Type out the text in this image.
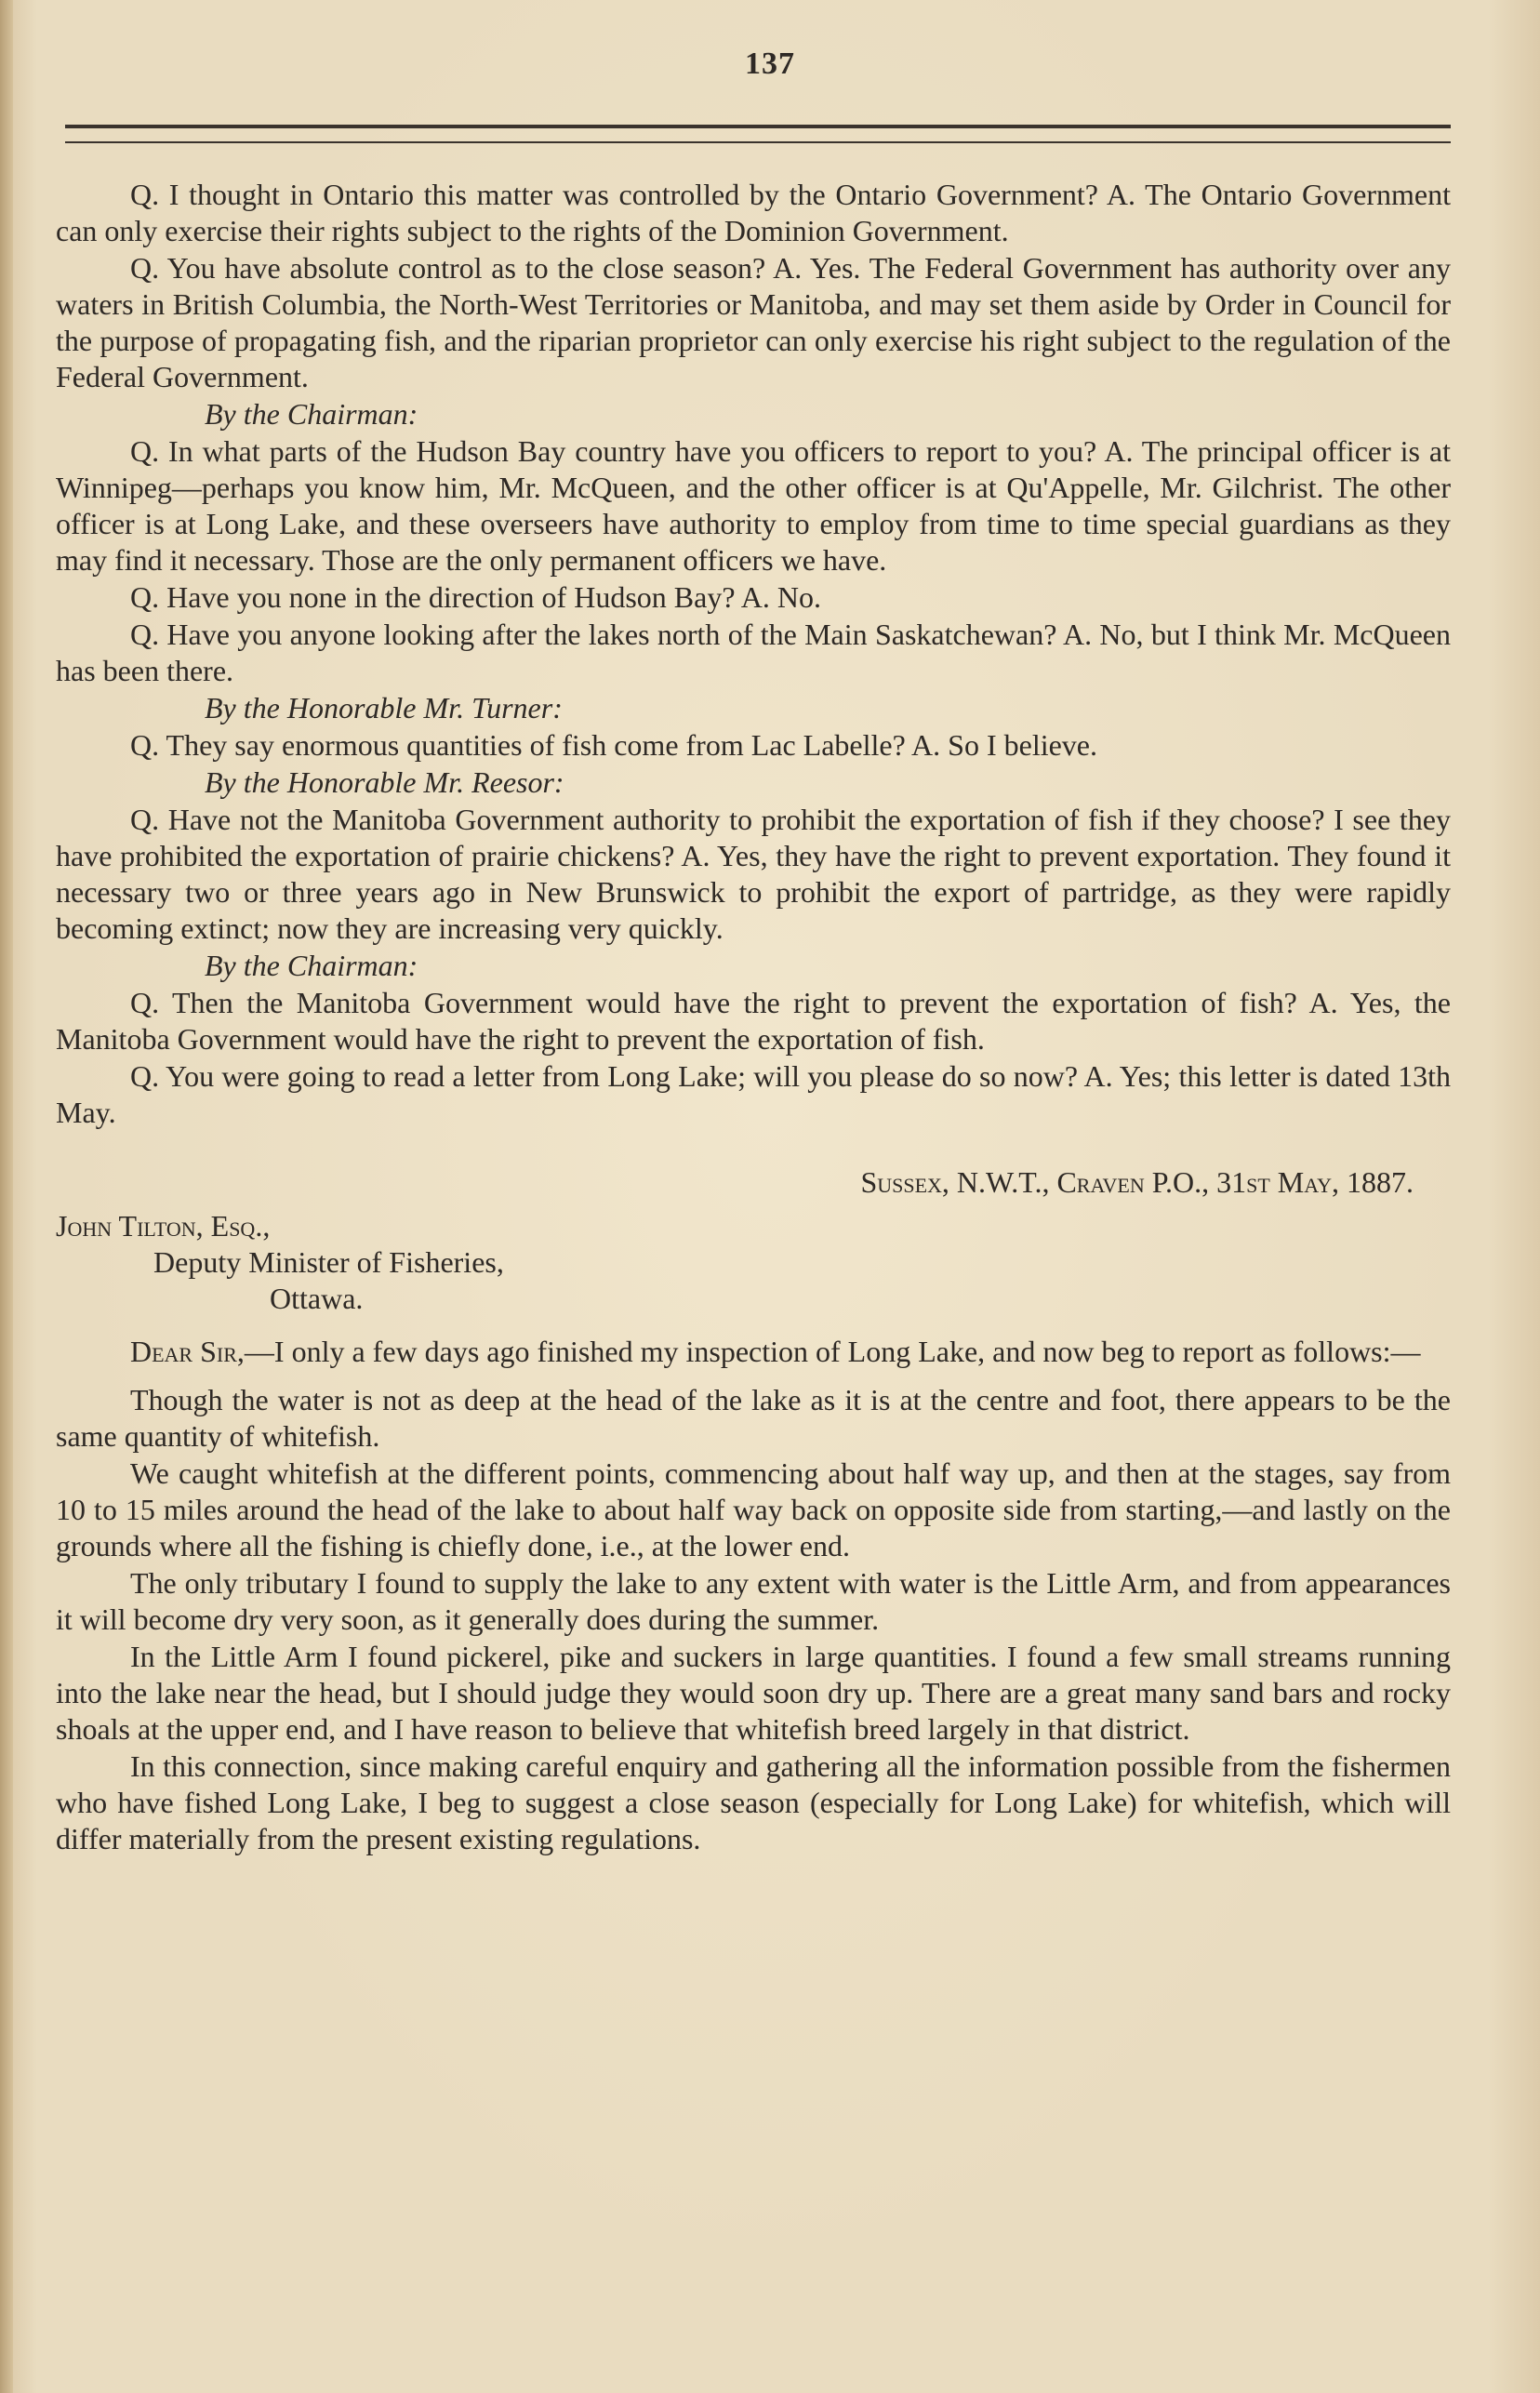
137

Q. I thought in Ontario this matter was controlled by the Ontario Government? A. The Ontario Government can only exercise their rights subject to the rights of the Dominion Government.

Q. You have absolute control as to the close season? A. Yes. The Federal Government has authority over any waters in British Columbia, the North-West Territories or Manitoba, and may set them aside by Order in Council for the purpose of propagating fish, and the riparian proprietor can only exercise his right subject to the regulation of the Federal Government.

By the Chairman:

Q. In what parts of the Hudson Bay country have you officers to report to you? A. The principal officer is at Winnipeg—perhaps you know him, Mr. McQueen, and the other officer is at Qu'Appelle, Mr. Gilchrist. The other officer is at Long Lake, and these overseers have authority to employ from time to time special guardians as they may find it necessary. Those are the only permanent officers we have.

Q. Have you none in the direction of Hudson Bay? A. No.

Q. Have you anyone looking after the lakes north of the Main Saskatchewan? A. No, but I think Mr. McQueen has been there.

By the Honorable Mr. Turner:

Q. They say enormous quantities of fish come from Lac Labelle? A. So I believe.

By the Honorable Mr. Reesor:

Q. Have not the Manitoba Government authority to prohibit the exportation of fish if they choose? I see they have prohibited the exportation of prairie chickens? A. Yes, they have the right to prevent exportation. They found it necessary two or three years ago in New Brunswick to prohibit the export of partridge, as they were rapidly becoming extinct; now they are increasing very quickly.

By the Chairman:

Q. Then the Manitoba Government would have the right to prevent the exportation of fish? A. Yes, the Manitoba Government would have the right to prevent the exportation of fish.

Q. You were going to read a letter from Long Lake; will you please do so now? A. Yes; this letter is dated 13th May.

Sussex, N.W.T., Craven P.O., 31st May, 1887.
John Tilton, Esq.,
Deputy Minister of Fisheries,
Ottawa.

Dear Sir,—I only a few days ago finished my inspection of Long Lake, and now beg to report as follows:—

Though the water is not as deep at the head of the lake as it is at the centre and foot, there appears to be the same quantity of whitefish.

We caught whitefish at the different points, commencing about half way up, and then at the stages, say from 10 to 15 miles around the head of the lake to about half way back on opposite side from starting,—and lastly on the grounds where all the fishing is chiefly done, i.e., at the lower end.

The only tributary I found to supply the lake to any extent with water is the Little Arm, and from appearances it will become dry very soon, as it generally does during the summer.

In the Little Arm I found pickerel, pike and suckers in large quantities. I found a few small streams running into the lake near the head, but I should judge they would soon dry up. There are a great many sand bars and rocky shoals at the upper end, and I have reason to believe that whitefish breed largely in that district.

In this connection, since making careful enquiry and gathering all the information possible from the fishermen who have fished Long Lake, I beg to suggest a close season (especially for Long Lake) for whitefish, which will differ materially from the present existing regulations.
